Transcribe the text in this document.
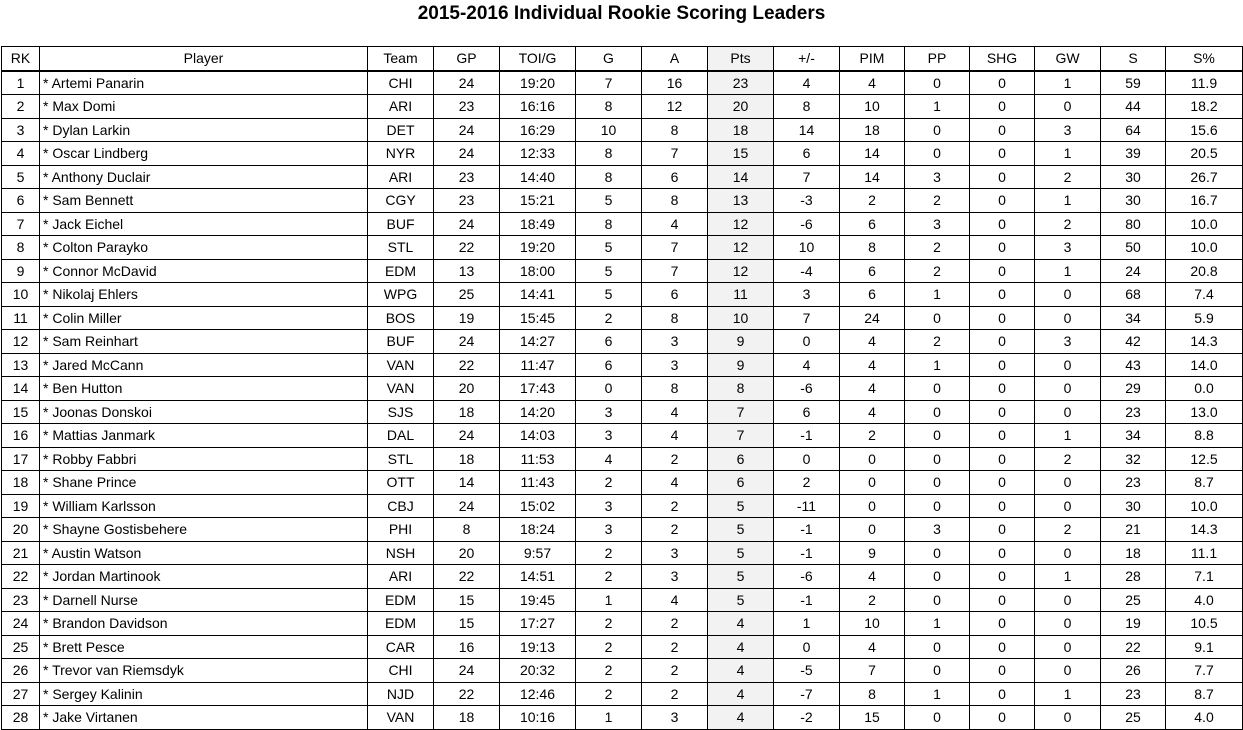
2015-2016 Individual Rookie Scoring Leaders
RK	Player	Team	GP	TOI/G	G	A	Pts	+/-	PIM	PP	SHG	GW	S	S%
1	* Artemi Panarin	CHI	24	19:20	7	16	23	4	4	0	0	1	59	11.9
2	* Max Domi	ARI	23	16:16	8	12	20	8	10	1	0	0	44	18.2
3	* Dylan Larkin	DET	24	16:29	10	8	18	14	18	0	0	3	64	15.6
4	* Oscar Lindberg	NYR	24	12:33	8	7	15	6	14	0	0	1	39	20.5
5	* Anthony Duclair	ARI	23	14:40	8	6	14	7	14	3	0	2	30	26.7
6	* Sam Bennett	CGY	23	15:21	5	8	13	-3	2	2	0	1	30	16.7
7	* Jack Eichel	BUF	24	18:49	8	4	12	-6	6	3	0	2	80	10.0
8	* Colton Parayko	STL	22	19:20	5	7	12	10	8	2	0	3	50	10.0
9	* Connor McDavid	EDM	13	18:00	5	7	12	-4	6	2	0	1	24	20.8
10	* Nikolaj Ehlers	WPG	25	14:41	5	6	11	3	6	1	0	0	68	7.4
11	* Colin Miller	BOS	19	15:45	2	8	10	7	24	0	0	0	34	5.9
12	* Sam Reinhart	BUF	24	14:27	6	3	9	0	4	2	0	3	42	14.3
13	* Jared McCann	VAN	22	11:47	6	3	9	4	4	1	0	0	43	14.0
14	* Ben Hutton	VAN	20	17:43	0	8	8	-6	4	0	0	0	29	0.0
15	* Joonas Donskoi	SJS	18	14:20	3	4	7	6	4	0	0	0	23	13.0
16	* Mattias Janmark	DAL	24	14:03	3	4	7	-1	2	0	0	1	34	8.8
17	* Robby Fabbri	STL	18	11:53	4	2	6	0	0	0	0	2	32	12.5
18	* Shane Prince	OTT	14	11:43	2	4	6	2	0	0	0	0	23	8.7
19	* William Karlsson	CBJ	24	15:02	3	2	5	-11	0	0	0	0	30	10.0
20	* Shayne Gostisbehere	PHI	8	18:24	3	2	5	-1	0	3	0	2	21	14.3
21	* Austin Watson	NSH	20	9:57	2	3	5	-1	9	0	0	0	18	11.1
22	* Jordan Martinook	ARI	22	14:51	2	3	5	-6	4	0	0	1	28	7.1
23	* Darnell Nurse	EDM	15	19:45	1	4	5	-1	2	0	0	0	25	4.0
24	* Brandon Davidson	EDM	15	17:27	2	2	4	1	10	1	0	0	19	10.5
25	* Brett Pesce	CAR	16	19:13	2	2	4	0	4	0	0	0	22	9.1
26	* Trevor van Riemsdyk	CHI	24	20:32	2	2	4	-5	7	0	0	0	26	7.7
27	* Sergey Kalinin	NJD	22	12:46	2	2	4	-7	8	1	0	1	23	8.7
28	* Jake Virtanen	VAN	18	10:16	1	3	4	-2	15	0	0	0	25	4.0
